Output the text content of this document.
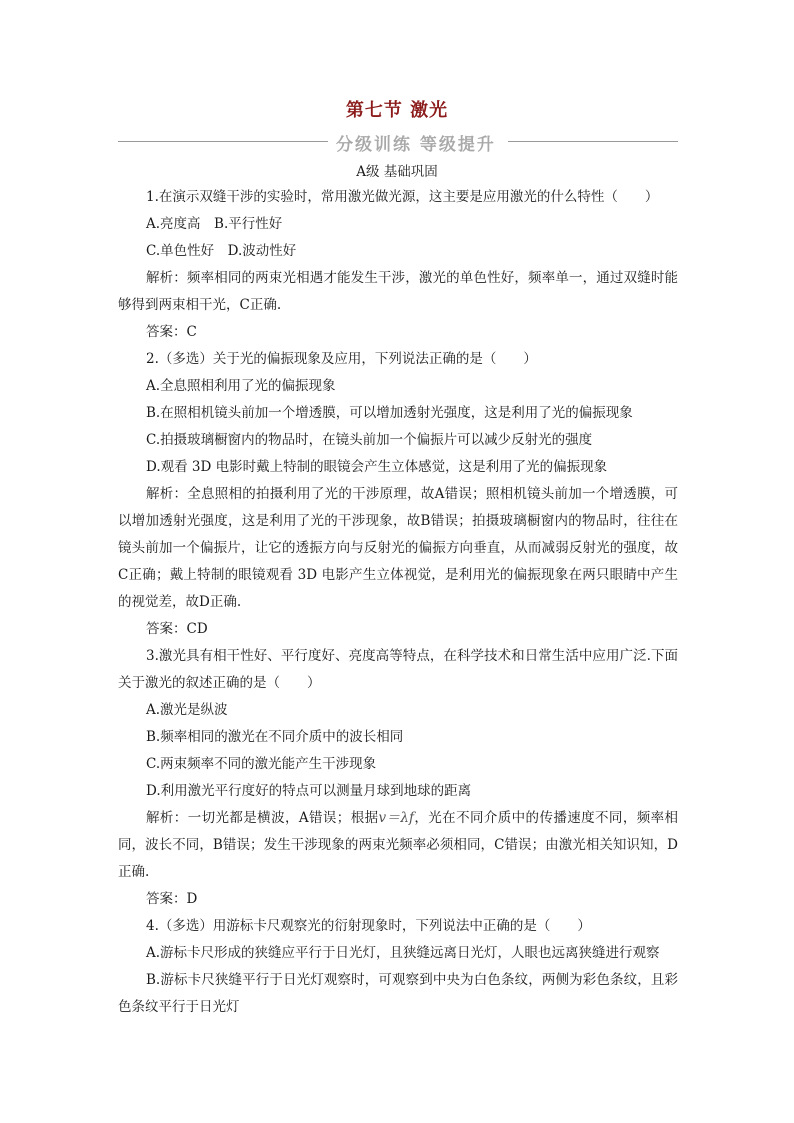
第七节 激光
分级训练 等级提升
A级 基础巩固

1.在演示双缝干涉的实验时，常用激光做光源，这主要是应用激光的什么特性（　　）

A.亮度高　B.平行性好

C.单色性好　D.波动性好

解析：频率相同的两束光相遇才能发生干涉，激光的单色性好，频率单一，通过双缝时能够得到两束相干光，C正确.

答案：C

2.（多选）关于光的偏振现象及应用，下列说法正确的是（　　）

A.全息照相利用了光的偏振现象

B.在照相机镜头前加一个增透膜，可以增加透射光强度，这是利用了光的偏振现象

C.拍摄玻璃橱窗内的物品时，在镜头前加一个偏振片可以减少反射光的强度

D.观看 3D 电影时戴上特制的眼镜会产生立体感觉，这是利用了光的偏振现象

解析：全息照相的拍摄利用了光的干涉原理，故A错误；照相机镜头前加一个增透膜，可以增加透射光强度，这是利用了光的干涉现象，故B错误；拍摄玻璃橱窗内的物品时，往往在镜头前加一个偏振片，让它的透振方向与反射光的偏振方向垂直，从而减弱反射光的强度，故C正确；戴上特制的眼镜观看 3D 电影产生立体视觉，是利用光的偏振现象在两只眼睛中产生的视觉差，故D正确.

答案：CD

3.激光具有相干性好、平行度好、亮度高等特点，在科学技术和日常生活中应用广泛.下面关于激光的叙述正确的是（　　）

A.激光是纵波

B.频率相同的激光在不同介质中的波长相同

C.两束频率不同的激光能产生干涉现象

D.利用激光平行度好的特点可以测量月球到地球的距离

解析：一切光都是横波，A错误；根据v＝λf，光在不同介质中的传播速度不同，频率相同，波长不同，B错误；发生干涉现象的两束光频率必须相同，C错误；由激光相关知识知，D正确.

答案：D

4.（多选）用游标卡尺观察光的衍射现象时，下列说法中正确的是（　　）

A.游标卡尺形成的狭缝应平行于日光灯，且狭缝远离日光灯，人眼也远离狭缝进行观察

B.游标卡尺狭缝平行于日光灯观察时，可观察到中央为白色条纹，两侧为彩色条纹，且彩色条纹平行于日光灯
